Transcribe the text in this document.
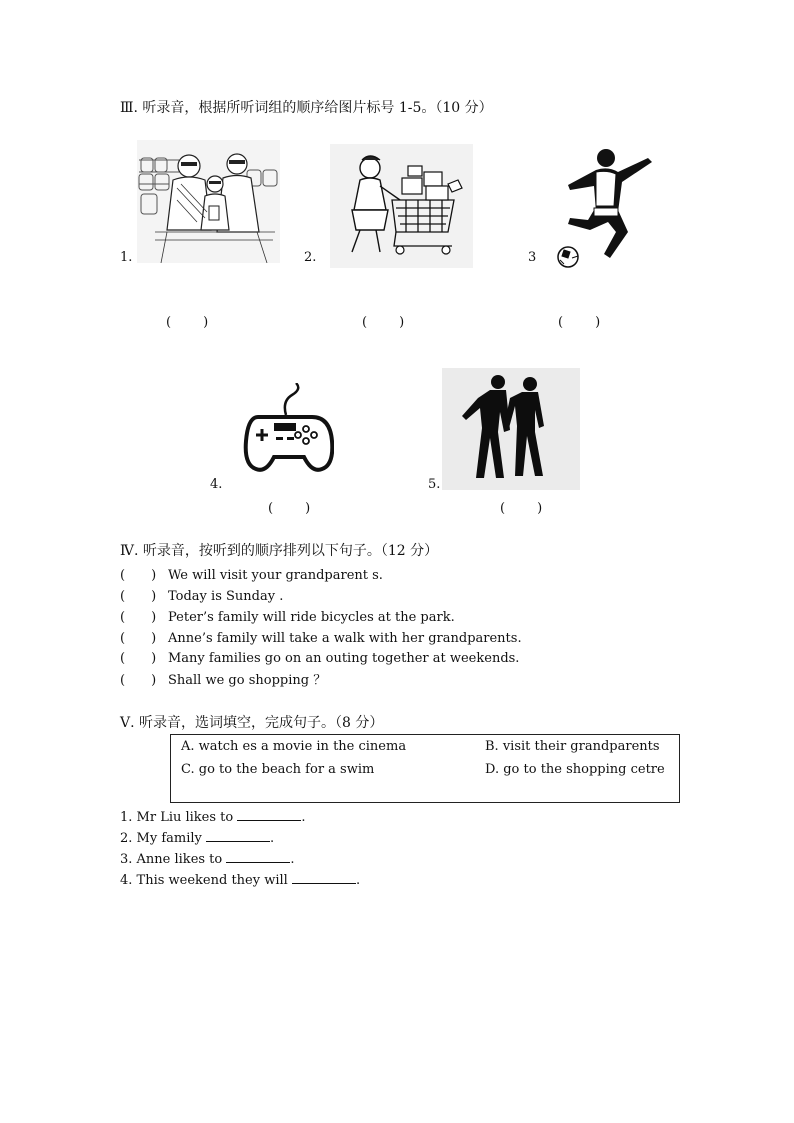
Ⅲ. 听录音，根据所听词组的顺序给图片标号 1-5。（10 分）
1.
(　　)
2.
(　　)
3
(　　)
4.
(　　)
5.
(　　)
Ⅳ. 听录音，按听到的顺序排列以下句子。（12 分）
(　　) We will visit your grandparent s.
(　　) Today is Sunday .
(　　) Peter’s family will ride bicycles at the park.
(　　) Anne’s family will take a walk with her grandparents.
(　　) Many families go on an outing together at weekends.
(　　) Shall we go shopping ？
Ⅴ. 听录音，选词填空，完成句子。（8 分）
A. watch es a movie in the cinema	B. visit their grandparents
C. go to the beach for a swim	D. go to the shopping cetre
1. Mr Liu likes to	.
2. My family	.
3. Anne likes to	.
4. This weekend they will	.
